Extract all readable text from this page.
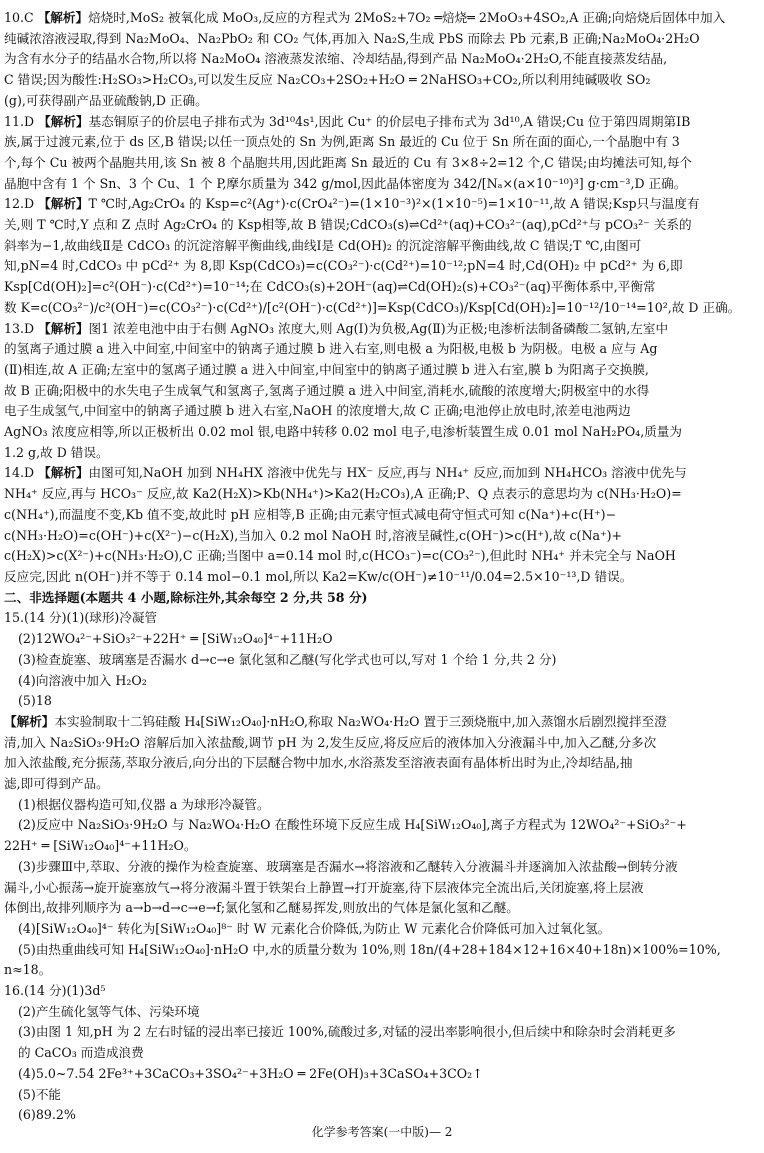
10.C 【解析】焙烧时,MoS₂ 被氧化成 MoO₃,反应的方程式为 2MoS₂+7O₂ ═焙烧═ 2MoO₃+4SO₂,A 正确;向焙烧后固体中加入

纯碱浓溶液浸取,得到 Na₂MoO₄、Na₂PbO₂ 和 CO₂ 气体,再加入 Na₂S,生成 PbS 而除去 Pb 元素,B 正确;Na₂MoO₄·2H₂O

为含有水分子的结晶水合物,所以将 Na₂MoO₄ 溶液蒸发浓缩、冷却结晶,得到产品 Na₂MoO₄·2H₂O,不能直接蒸发结晶,

C 错误;因为酸性:H₂SO₃>H₂CO₃,可以发生反应 Na₂CO₃+2SO₂+H₂O ═ 2NaHSO₃+CO₂,所以利用纯碱吸收 SO₂

(g),可获得副产品亚硫酸钠,D 正确。

11.D 【解析】基态铜原子的价层电子排布式为 3d¹⁰4s¹,因此 Cu⁺ 的价层电子排布式为 3d¹⁰,A 错误;Cu 位于第四周期第ⅠB

族,属于过渡元素,位于 ds 区,B 错误;以任一顶点处的 Sn 为例,距离 Sn 最近的 Cu 位于 Sn 所在面的面心,一个晶胞中有 3

个,每个 Cu 被两个晶胞共用,该 Sn 被 8 个晶胞共用,因此距离 Sn 最近的 Cu 有 3×8÷2=12 个,C 错误;由均摊法可知,每个

晶胞中含有 1 个 Sn、3 个 Cu、1 个 P,摩尔质量为 342 g/mol,因此晶体密度为 342/[Nₐ×(a×10⁻¹⁰)³] g·cm⁻³,D 正确。

12.D 【解析】T ℃时,Ag₂CrO₄ 的 Ksp=c²(Ag⁺)·c(CrO₄²⁻)=(1×10⁻³)²×(1×10⁻⁵)=1×10⁻¹¹,故 A 错误;Ksp只与温度有

关,则 T ℃时,Y 点和 Z 点时 Ag₂CrO₄ 的 Ksp相等,故 B 错误;CdCO₃(s)⇌Cd²⁺(aq)+CO₃²⁻(aq),pCd²⁺与 pCO₃²⁻ 关系的

斜率为−1,故曲线Ⅱ是 CdCO₃ 的沉淀溶解平衡曲线,曲线Ⅰ是 Cd(OH)₂ 的沉淀溶解平衡曲线,故 C 错误;T ℃,由图可

知,pN=4 时,CdCO₃ 中 pCd²⁺ 为 8,即 Ksp(CdCO₃)=c(CO₃²⁻)·c(Cd²⁺)=10⁻¹²;pN=4 时,Cd(OH)₂ 中 pCd²⁺ 为 6,即

Ksp[Cd(OH)₂]=c²(OH⁻)·c(Cd²⁺)=10⁻¹⁴;在 CdCO₃(s)+2OH⁻(aq)⇌Cd(OH)₂(s)+CO₃²⁻(aq)平衡体系中,平衡常

数 K=c(CO₃²⁻)/c²(OH⁻)=c(CO₃²⁻)·c(Cd²⁺)/[c²(OH⁻)·c(Cd²⁺)]=Ksp(CdCO₃)/Ksp[Cd(OH)₂]=10⁻¹²/10⁻¹⁴=10²,故 D 正确。

13.D 【解析】图1 浓差电池中由于右侧 AgNO₃ 浓度大,则 Ag(Ⅰ)为负极,Ag(Ⅱ)为正极;电渗析法制备磷酸二氢钠,左室中

的氢离子通过膜 a 进入中间室,中间室中的钠离子通过膜 b 进入右室,则电极 a 为阳极,电极 b 为阴极。电极 a 应与 Ag

(Ⅱ)相连,故 A 正确;左室中的氢离子通过膜 a 进入中间室,中间室中的钠离子通过膜 b 进入右室,膜 b 为阳离子交换膜,

故 B 正确;阳极中的水失电子生成氧气和氢离子,氢离子通过膜 a 进入中间室,消耗水,硫酸的浓度增大;阴极室中的水得

电子生成氢气,中间室中的钠离子通过膜 b 进入右室,NaOH 的浓度增大,故 C 正确;电池停止放电时,浓差电池两边

AgNO₃ 浓度应相等,所以正极析出 0.02 mol 银,电路中转移 0.02 mol 电子,电渗析装置生成 0.01 mol NaH₂PO₄,质量为

1.2 g,故 D 错误。

14.D 【解析】由图可知,NaOH 加到 NH₄HX 溶液中优先与 HX⁻ 反应,再与 NH₄⁺ 反应,而加到 NH₄HCO₃ 溶液中优先与

NH₄⁺ 反应,再与 HCO₃⁻ 反应,故 Ka2(H₂X)>Kb(NH₄⁺)>Ka2(H₂CO₃),A 正确;P、Q 点表示的意思均为 c(NH₃·H₂O)=

c(NH₄⁺),而温度不变,Kb 值不变,故此时 pH 应相等,B 正确;由元素守恒式减电荷守恒式可知 c(Na⁺)+c(H⁺)−

c(NH₃·H₂O)=c(OH⁻)+c(X²⁻)−c(H₂X),当加入 0.2 mol NaOH 时,溶液呈碱性,c(OH⁻)>c(H⁺),故 c(Na⁺)+

c(H₂X)>c(X²⁻)+c(NH₃·H₂O),C 正确;当图中 a=0.14 mol 时,c(HCO₃⁻)=c(CO₃²⁻),但此时 NH₄⁺ 并未完全与 NaOH

反应完,因此 n(OH⁻)并不等于 0.14 mol−0.1 mol,所以 Ka2=Kw/c(OH⁻)≠10⁻¹¹/0.04=2.5×10⁻¹³,D 错误。

二、非选择题(本题共 4 小题,除标注外,其余每空 2 分,共 58 分)

15.(14 分)(1)(球形)冷凝管

(2)12WO₄²⁻+SiO₃²⁻+22H⁺ ═ [SiW₁₂O₄₀]⁴⁻+11H₂O

(3)检查旋塞、玻璃塞是否漏水 d→c→e 氯化氢和乙醚(写化学式也可以,写对 1 个给 1 分,共 2 分)

(4)向溶液中加入 H₂O₂

(5)18

【解析】本实验制取十二钨硅酸 H₄[SiW₁₂O₄₀]·nH₂O,称取 Na₂WO₄·H₂O 置于三颈烧瓶中,加入蒸馏水后剧烈搅拌至澄

清,加入 Na₂SiO₃·9H₂O 溶解后加入浓盐酸,调节 pH 为 2,发生反应,将反应后的液体加入分液漏斗中,加入乙醚,分多次

加入浓盐酸,充分振荡,萃取分液后,向分出的下层醚合物中加水,水浴蒸发至溶液表面有晶体析出时为止,冷却结晶,抽

滤,即可得到产品。

(1)根据仪器构造可知,仪器 a 为球形冷凝管。

(2)反应中 Na₂SiO₃·9H₂O 与 Na₂WO₄·H₂O 在酸性环境下反应生成 H₄[SiW₁₂O₄₀],离子方程式为 12WO₄²⁻+SiO₃²⁻+

22H⁺ ═ [SiW₁₂O₄₀]⁴⁻+11H₂O。

(3)步骤Ⅲ中,萃取、分液的操作为检查旋塞、玻璃塞是否漏水→将溶液和乙醚转入分液漏斗并逐滴加入浓盐酸→倒转分液

漏斗,小心振荡→旋开旋塞放气→将分液漏斗置于铁架台上静置→打开旋塞,待下层液体完全流出后,关闭旋塞,将上层液

体倒出,故排列顺序为 a→b→d→c→e→f;氯化氢和乙醚易挥发,则放出的气体是氯化氢和乙醚。

(4)[SiW₁₂O₄₀]⁴⁻ 转化为[SiW₁₂O₄₀]⁸⁻ 时 W 元素化合价降低,为防止 W 元素化合价降低可加入过氧化氢。

(5)由热重曲线可知 H₄[SiW₁₂O₄₀]·nH₂O 中,水的质量分数为 10%,则 18n/(4+28+184×12+16×40+18n)×100%=10%,

n≈18。

16.(14 分)(1)3d⁵

(2)产生硫化氢等气体、污染环境

(3)由图 1 知,pH 为 2 左右时锰的浸出率已接近 100%,硫酸过多,对锰的浸出率影响很小,但后续中和除杂时会消耗更多

的 CaCO₃ 而造成浪费

(4)5.0~7.54 2Fe³⁺+3CaCO₃+3SO₄²⁻+3H₂O ═ 2Fe(OH)₃+3CaSO₄+3CO₂↑

(5)不能

(6)89.2%

化学参考答案(一中版)— 2
